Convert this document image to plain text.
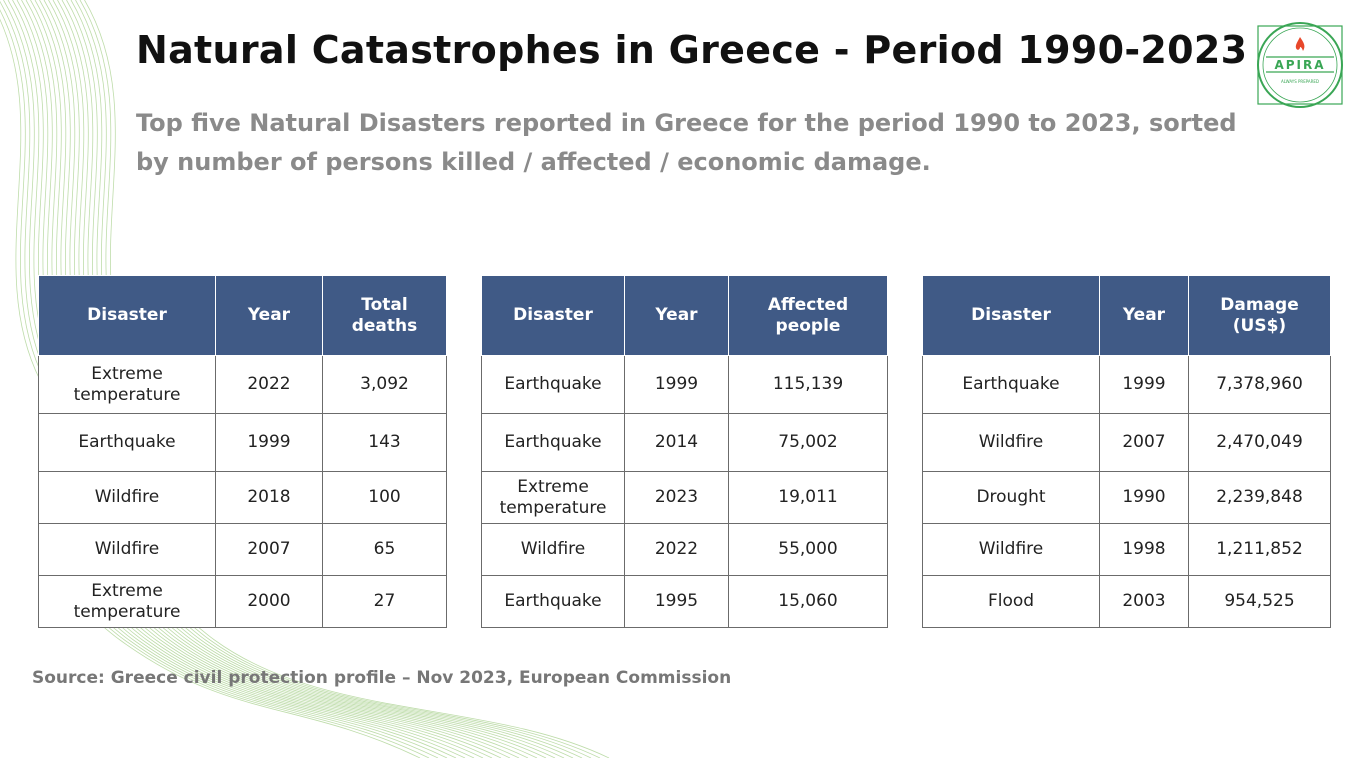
Natural Catastrophes in Greece - Period 1990-2023
Top five Natural Disasters reported in Greece for the period 1990 to 2023, sorted by number of persons killed / affected / economic damage.
APIRA
ALWAYS PREPARED
Disaster	Year	Total
deaths
Extreme
temperature	2022	3,092
Earthquake	1999	143
Wildfire	2018	100
Wildfire	2007	65
Extreme
temperature	2000	27
Disaster	Year	Affected
people
Earthquake	1999	115,139
Earthquake	2014	75,002
Extreme
temperature	2023	19,011
Wildfire	2022	55,000
Earthquake	1995	15,060
Disaster	Year	Damage
(US$)
Earthquake	1999	7,378,960
Wildfire	2007	2,470,049
Drought	1990	2,239,848
Wildfire	1998	1,211,852
Flood	2003	954,525
Source: Greece civil protection profile – Nov 2023, European Commission
